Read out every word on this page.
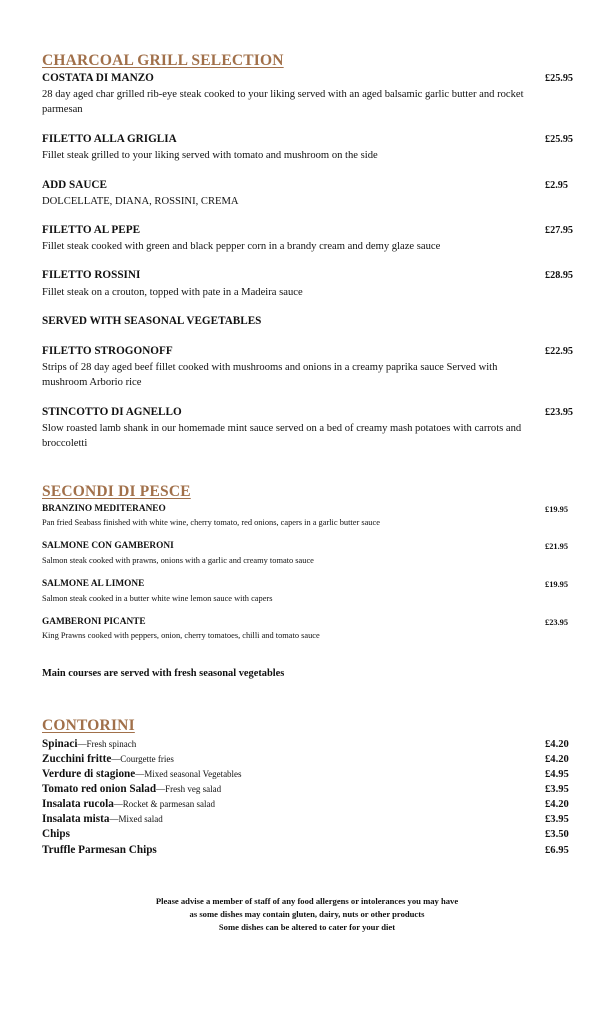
CHARCOAL GRILL SELECTION
COSTATA DI MANZO	£25.95
28 day aged char grilled rib-eye steak cooked to your liking served with an aged balsamic garlic butter and rocket parmesan
FILETTO ALLA GRIGLIA	£25.95
Fillet steak grilled to your liking served with tomato and mushroom on the side
ADD SAUCE	£2.95
DOLCELLATE, DIANA, ROSSINI, CREMA
FILETTO AL PEPE	£27.95
Fillet steak cooked with green and black pepper corn in a brandy cream and demy glaze sauce
FILETTO ROSSINI	£28.95
Fillet steak on a crouton, topped with pate in a Madeira sauce
SERVED WITH SEASONAL VEGETABLES
FILETTO STROGONOFF	£22.95
Strips of 28 day aged beef fillet cooked with mushrooms and onions in a creamy paprika sauce Served with mushroom Arborio rice
STINCOTTO DI AGNELLO	£23.95
Slow roasted lamb shank in our homemade mint sauce served on a bed of creamy mash potatoes with carrots and broccoletti
SECONDI DI PESCE
BRANZINO MEDITERANEO	£19.95
Pan fried Seabass finished with white wine, cherry tomato, red onions, capers in a garlic butter sauce
SALMONE CON GAMBERONI	£21.95
Salmon steak cooked with prawns, onions with a garlic and creamy tomato sauce
SALMONE AL LIMONE	£19.95
Salmon steak cooked in a butter white wine lemon sauce with capers
GAMBERONI PICANTE	£23.95
King Prawns cooked with peppers, onion, cherry tomatoes, chilli and tomato sauce
Main courses are served with fresh seasonal vegetables
CONTORINI
Spinaci—Fresh spinach	£4.20
Zucchini fritte—Courgette fries	£4.20
Verdure di stagione—Mixed seasonal Vegetables	£4.95
Tomato red onion Salad—Fresh veg salad	£3.95
Insalata rucola—Rocket & parmesan salad	£4.20
Insalata mista—Mixed salad	£3.95
Chips	£3.50
Truffle Parmesan Chips	£6.95
Please advise a member of staff of any food allergens or intolerances you may have
as some dishes may contain gluten, dairy, nuts or other products
Some dishes can be altered to cater for your diet
